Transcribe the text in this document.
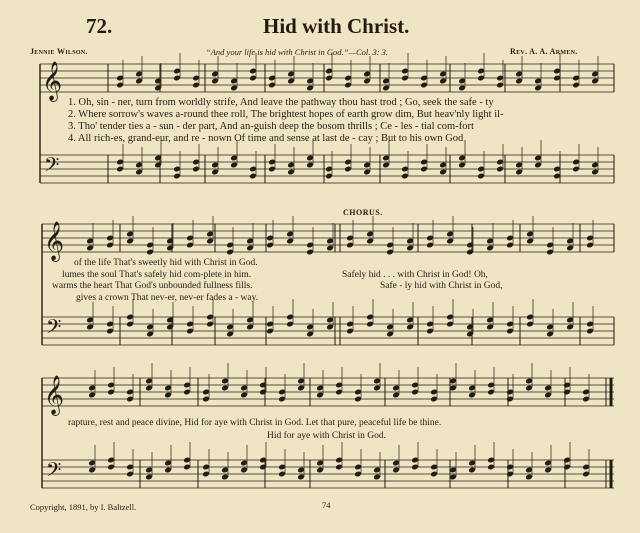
𝄞
𝄢
𝄞
𝄢
𝄞
𝄢
72.	Hid with Christ.
Jennie Wilson.	“And your life is hid with Christ in God.”—Col. 3: 3.	Rev. A. A. Armen.
1. Oh, sin - ner, turn from worldly strife, And leave the pathway thou hast trod ; Go, seek the safe - ty
2. Where sorrow's waves a-round thee roll, The brightest hopes of earth grow dim, But heav'nly light il-
3. Tho' tender ties a - sun - der part, And an-guish deep the bosom thrills ; Ce - les - tial com-fort
4. All rich-es, grand-eur, and re - nown Of time and sense at last de - cay ; But to his own God
CHORUS.
of the life That's sweetly hid with Christ in God.
lumes the soul That's safely hid com-plete in him.
warms the heart That God's unbounded fullness fills.
gives a crown That nev-er, nev-er fades a - way.
Safely hid . . . with Christ in God! Oh,
Safe - ly hid with Christ in God,
rapture, rest and peace divine, Hid for aye with Christ in God. Let that pure, peaceful life be thine.
Hid for aye with Christ in God.
Copyright, 1891, by I. Baltzell.	74
